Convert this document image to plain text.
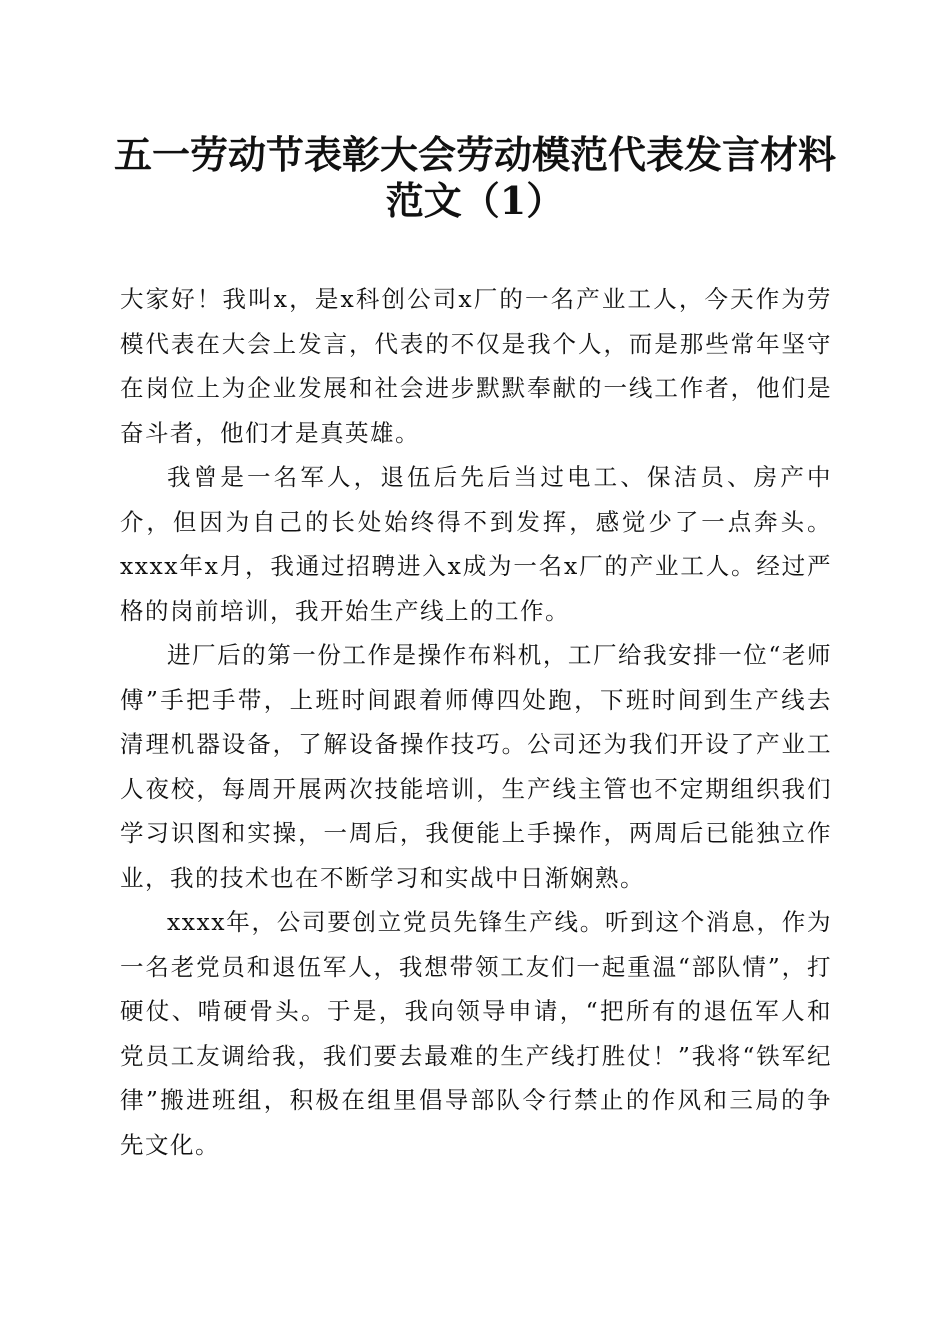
五一劳动节表彰大会劳动模范代表发言材料范文（1）

大家好！我叫x，是x科创公司x厂的一名产业工人，今天作为劳模代表在大会上发言，代表的不仅是我个人，而是那些常年坚守在岗位上为企业发展和社会进步默默奉献的一线工作者，他们是奋斗者，他们才是真英雄。

我曾是一名军人，退伍后先后当过电工、保洁员、房产中介，但因为自己的长处始终得不到发挥，感觉少了一点奔头。xxxx年x月，我通过招聘进入x成为一名x厂的产业工人。经过严格的岗前培训，我开始生产线上的工作。

进厂后的第一份工作是操作布料机，工厂给我安排一位“老师傅”手把手带，上班时间跟着师傅四处跑，下班时间到生产线去清理机器设备，了解设备操作技巧。公司还为我们开设了产业工人夜校，每周开展两次技能培训，生产线主管也不定期组织我们学习识图和实操，一周后，我便能上手操作，两周后已能独立作业，我的技术也在不断学习和实战中日渐娴熟。

xxxx年，公司要创立党员先锋生产线。听到这个消息，作为一名老党员和退伍军人，我想带领工友们一起重温“部队情”，打硬仗、啃硬骨头。于是，我向领导申请，“把所有的退伍军人和党员工友调给我，我们要去最难的生产线打胜仗！”我将“铁军纪律”搬进班组，积极在组里倡导部队令行禁止的作风和三局的争先文化。
